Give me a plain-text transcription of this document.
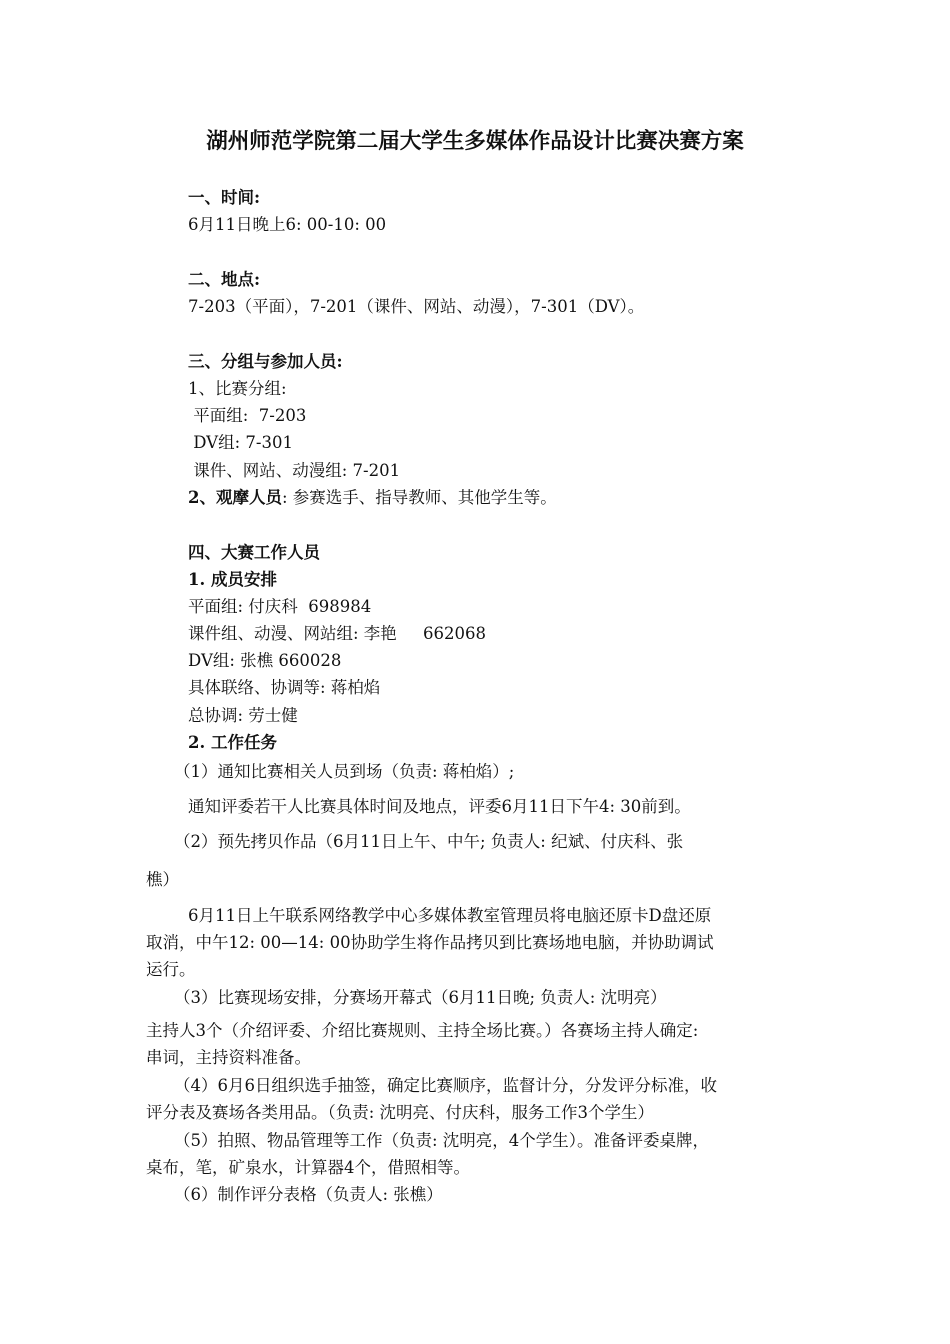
湖州师范学院第二届大学生多媒体作品设计比赛决赛方案
一、时间:
6月11日晚上6: 00-10: 00
二、地点:
7-203（平面），7-201（课件、网站、动漫），7-301（DV）。
三、分组与参加人员:
1、比赛分组:
平面组:  7-203
DV组: 7-301
课件、网站、动漫组: 7-201
2、观摩人员: 参赛选手、指导教师、其他学生等。
四、大赛工作人员
1. 成员安排
平面组: 付庆科  698984
课件组、动漫、网站组: 李艳     662068
DV组: 张樵 660028
具体联络、协调等: 蒋柏焰
总协调: 劳士健
2. 工作任务
（1）通知比赛相关人员到场（负责: 蒋柏焰）;
通知评委若干人比赛具体时间及地点，评委6月11日下午4: 30前到。
（2）预先拷贝作品（6月11日上午、中午; 负责人: 纪斌、付庆科、张
樵）
6月11日上午联系网络教学中心多媒体教室管理员将电脑还原卡D盘还原
取消，中午12: 00—14: 00协助学生将作品拷贝到比赛场地电脑，并协助调试
运行。
（3）比赛现场安排，分赛场开幕式（6月11日晚; 负责人: 沈明亮）
主持人3个（介绍评委、介绍比赛规则、主持全场比赛。）各赛场主持人确定:
串词，主持资料准备。
（4）6月6日组织选手抽签，确定比赛顺序，监督计分，分发评分标准，收
评分表及赛场各类用品。（负责: 沈明亮、付庆科，服务工作3个学生）
（5）拍照、物品管理等工作（负责: 沈明亮，4个学生）。准备评委桌牌，
桌布，笔，矿泉水，计算器4个，借照相等。
（6）制作评分表格（负责人: 张樵）
